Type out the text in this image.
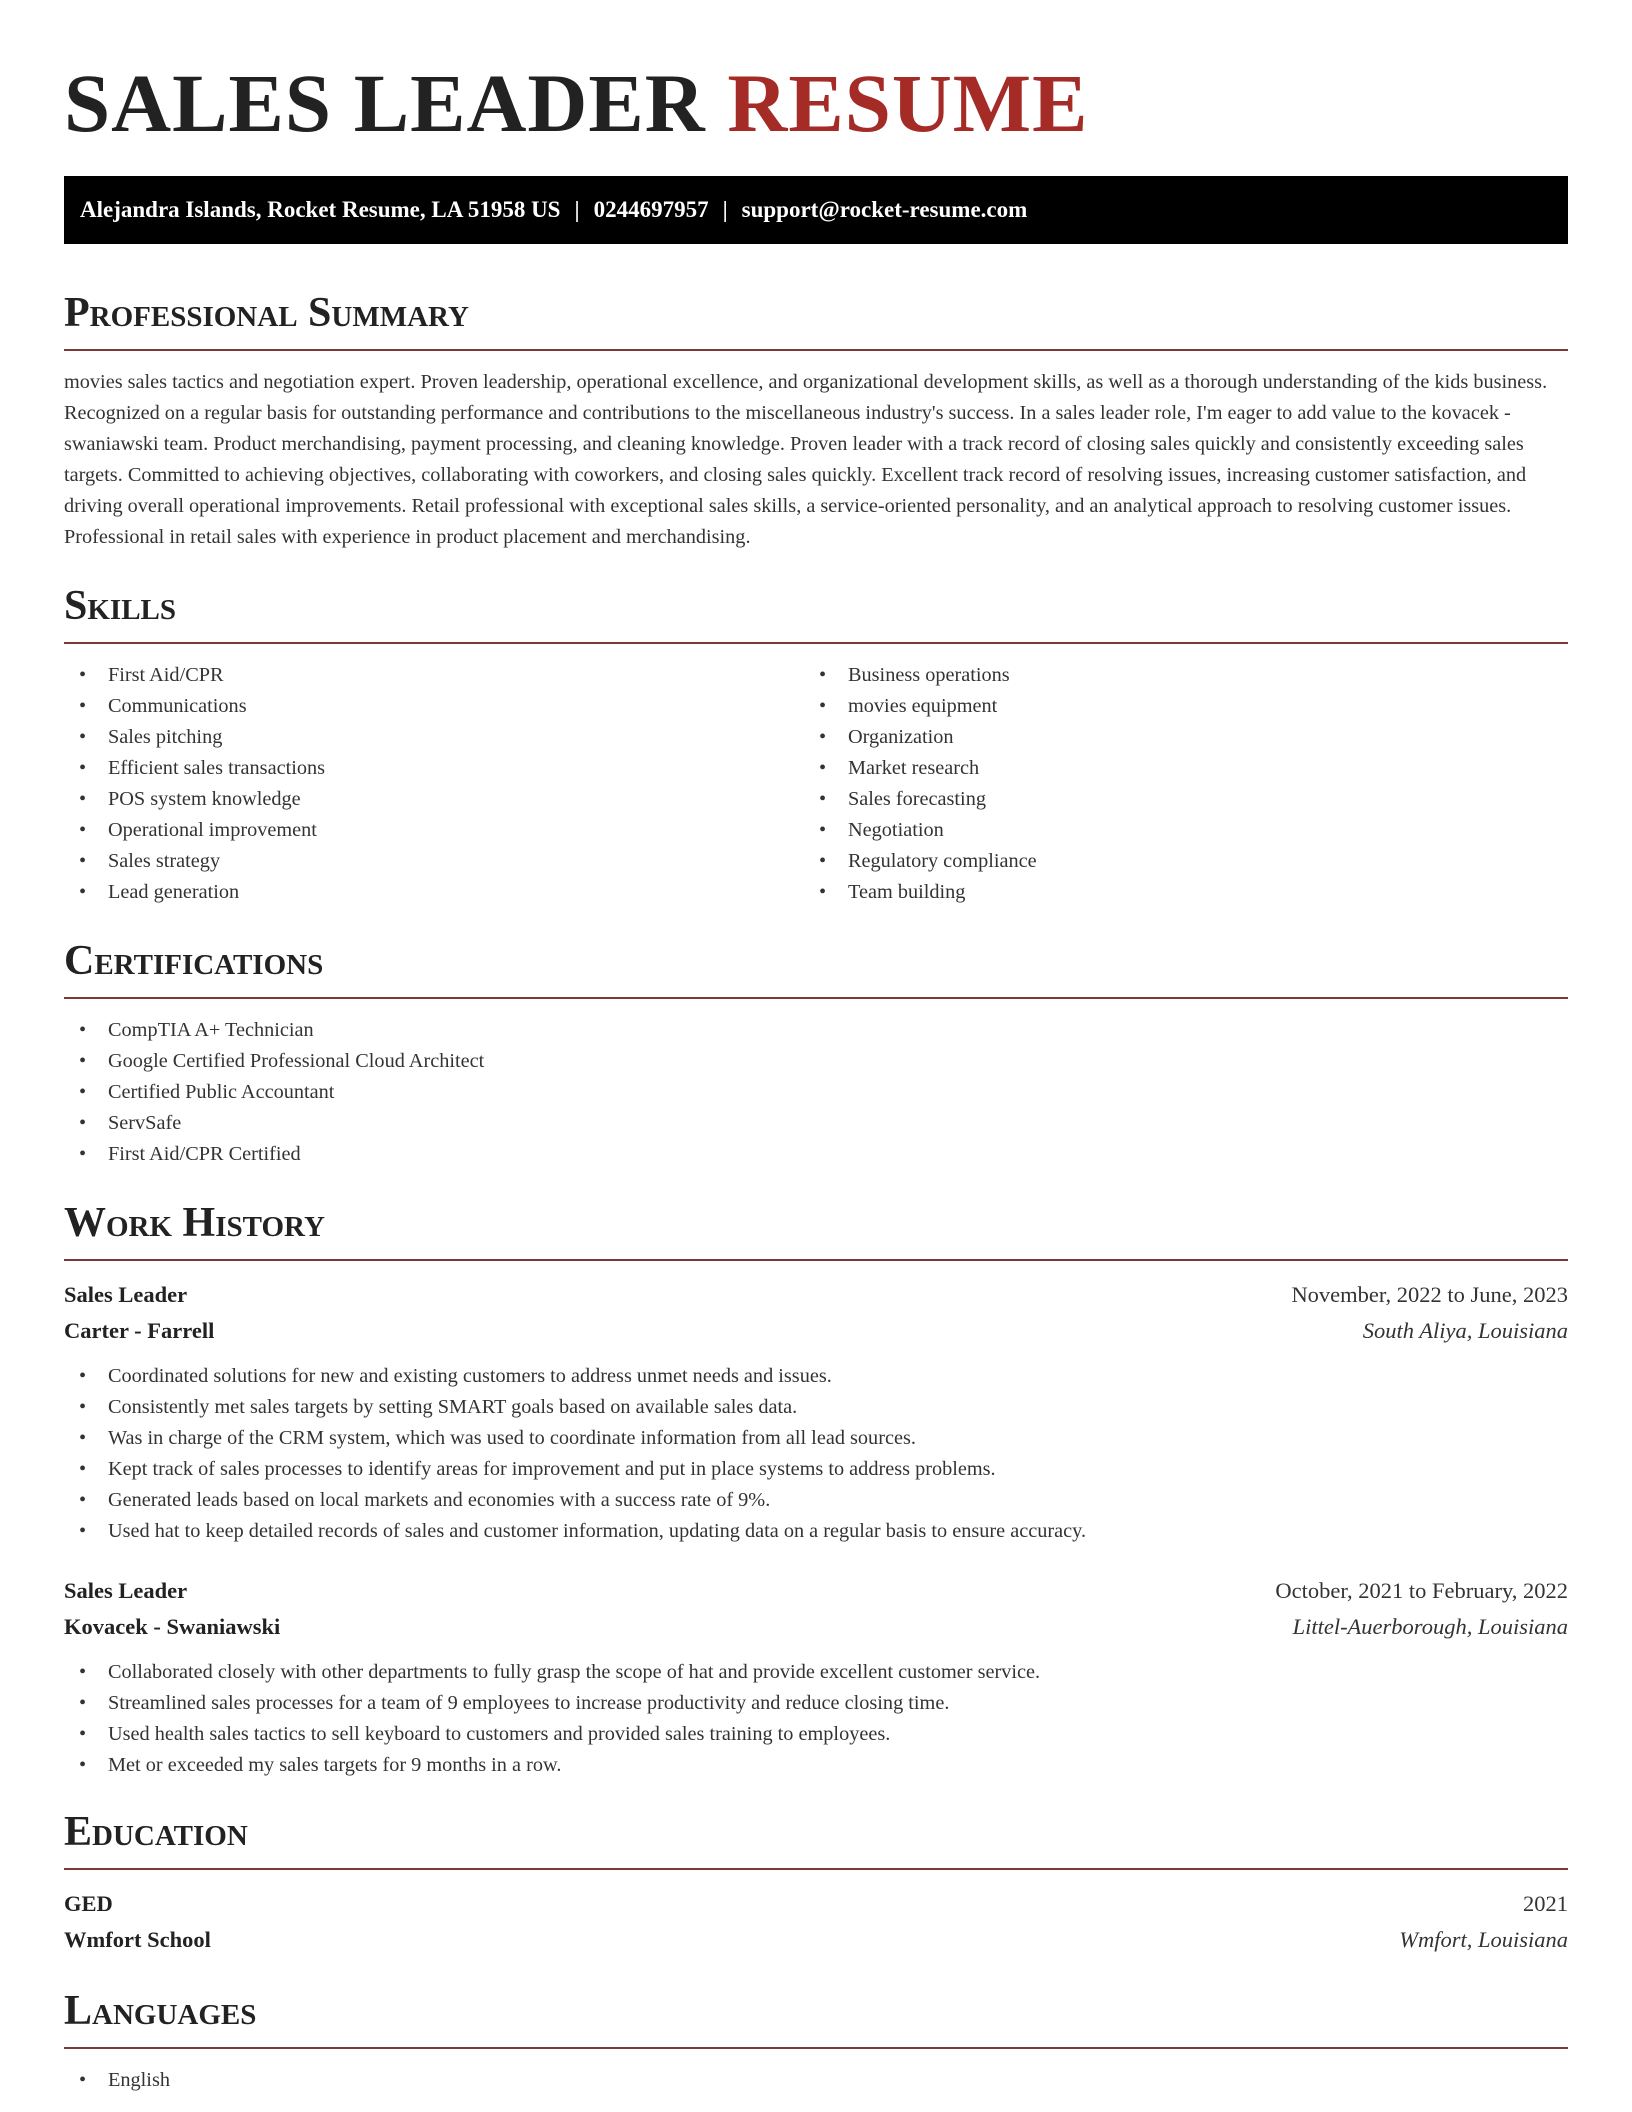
SALES LEADER RESUME
Alejandra Islands, Rocket Resume, LA 51958 US | 0244697957 | support@rocket-resume.com
Professional Summary

movies sales tactics and negotiation expert. Proven leadership, operational excellence, and organizational development skills, as well as a thorough understanding of the kids business. Recognized on a regular basis for outstanding performance and contributions to the miscellaneous industry's success. In a sales leader role, I'm eager to add value to the kovacek - swaniawski team. Product merchandising, payment processing, and cleaning knowledge. Proven leader with a track record of closing sales quickly and consistently exceeding sales targets. Committed to achieving objectives, collaborating with coworkers, and closing sales quickly. Excellent track record of resolving issues, increasing customer satisfaction, and driving overall operational improvements. Retail professional with exceptional sales skills, a service-oriented personality, and an analytical approach to resolving customer issues. Professional in retail sales with experience in product placement and merchandising.

Skills
• First Aid/CPR
• Communications
• Sales pitching
• Efficient sales transactions
• POS system knowledge
• Operational improvement
• Sales strategy
• Lead generation
• Business operations
• movies equipment
• Organization
• Market research
• Sales forecasting
• Negotiation
• Regulatory compliance
• Team building
Certifications
• CompTIA A+ Technician
• Google Certified Professional Cloud Architect
• Certified Public Accountant
• ServSafe
• First Aid/CPR Certified
Work History
Sales Leader	November, 2022 to June, 2023
Carter - Farrell	South Aliya, Louisiana
• Coordinated solutions for new and existing customers to address unmet needs and issues.
• Consistently met sales targets by setting SMART goals based on available sales data.
• Was in charge of the CRM system, which was used to coordinate information from all lead sources.
• Kept track of sales processes to identify areas for improvement and put in place systems to address problems.
• Generated leads based on local markets and economies with a success rate of 9%.
• Used hat to keep detailed records of sales and customer information, updating data on a regular basis to ensure accuracy.
Sales Leader	October, 2021 to February, 2022
Kovacek - Swaniawski	Littel-Auerborough, Louisiana
• Collaborated closely with other departments to fully grasp the scope of hat and provide excellent customer service.
• Streamlined sales processes for a team of 9 employees to increase productivity and reduce closing time.
• Used health sales tactics to sell keyboard to customers and provided sales training to employees.
• Met or exceeded my sales targets for 9 months in a row.
Education
GED	2021
Wmfort School	Wmfort, Louisiana
Languages
• English
